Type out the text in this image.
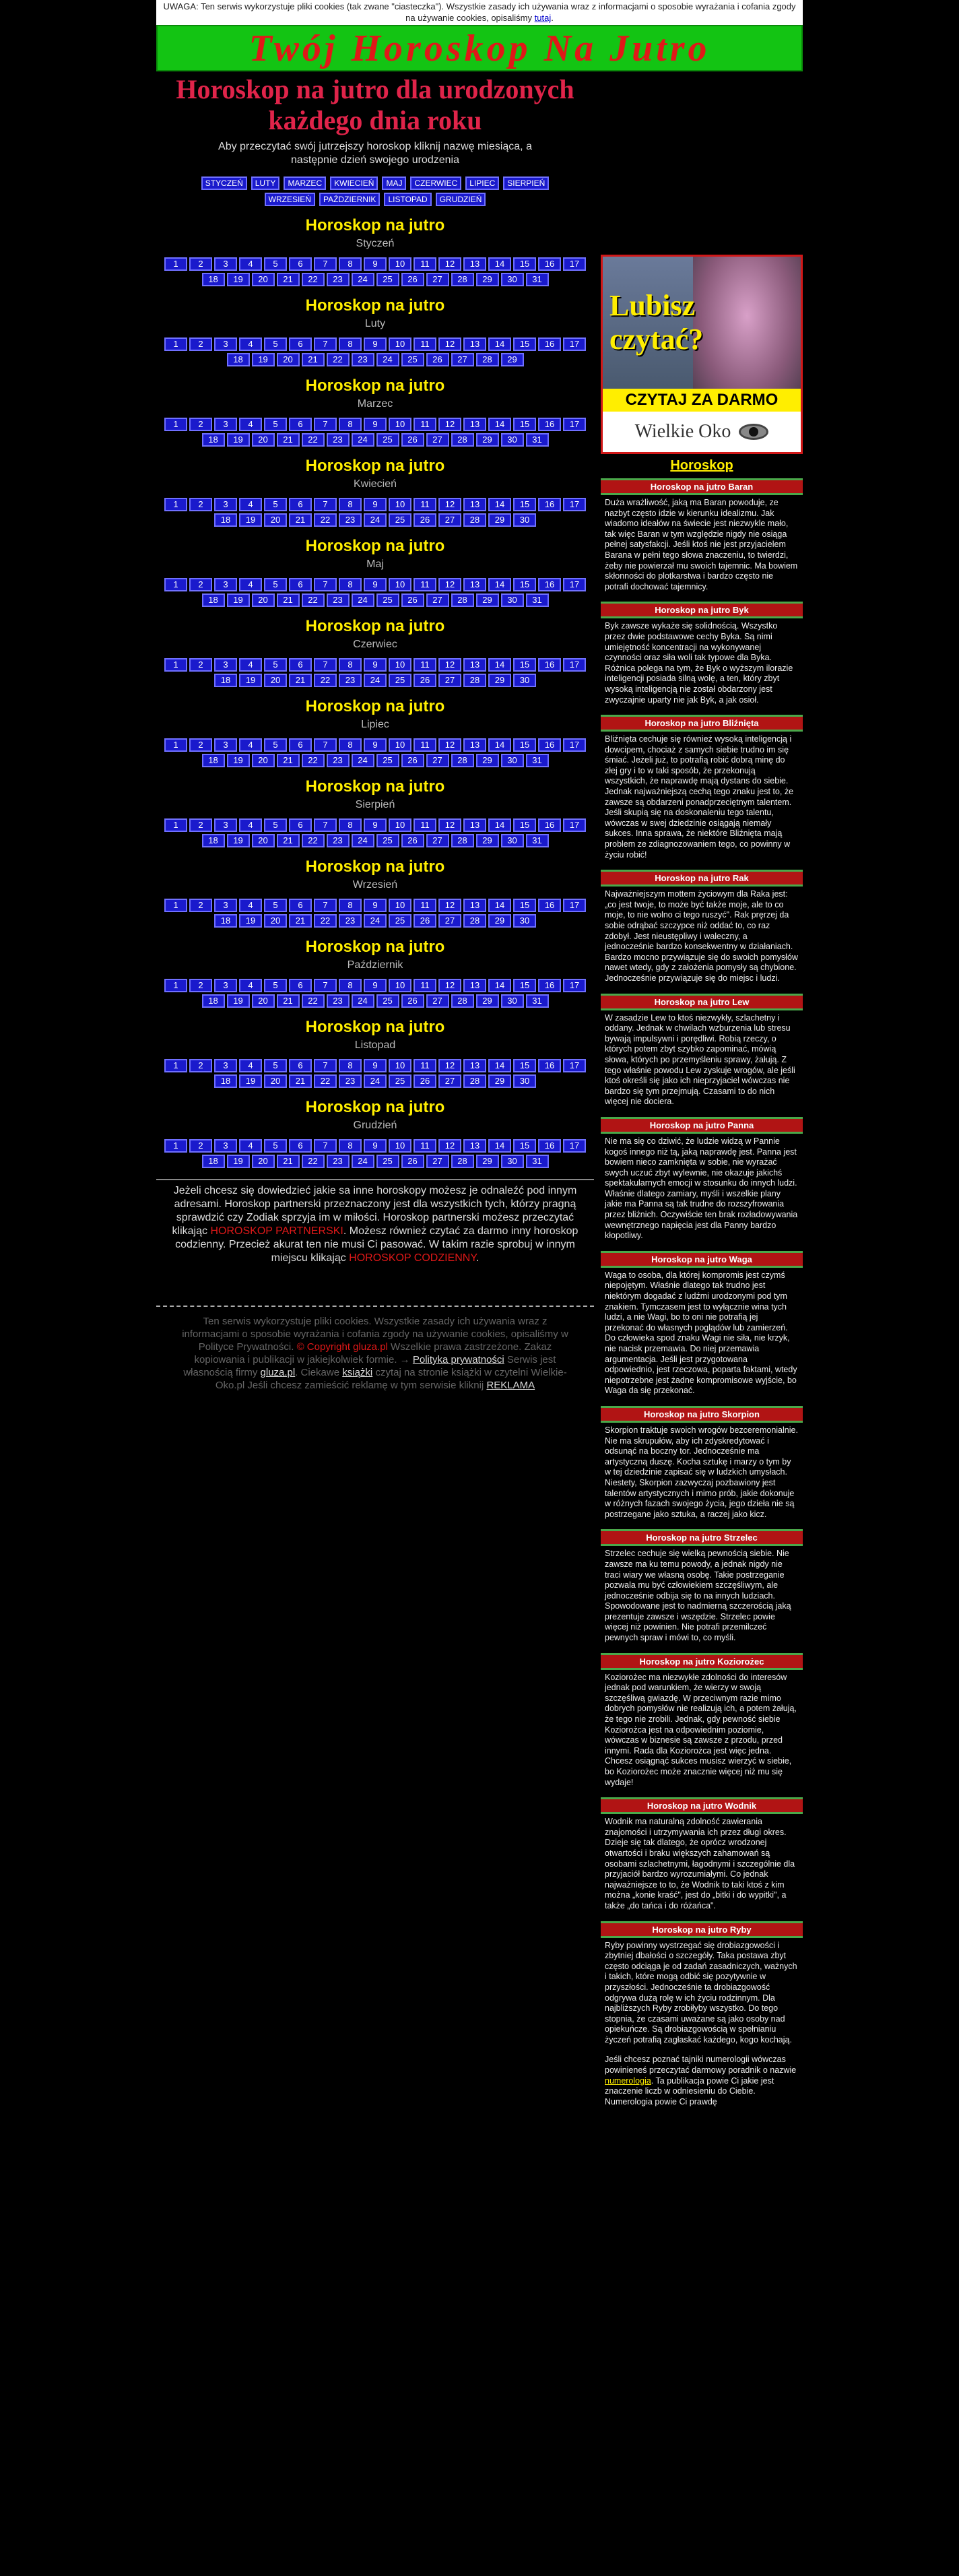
UWAGA: Ten serwis wykorzystuje pliki cookies (tak zwane "ciasteczka"). Wszystkie zasady ich używania wraz z informacjami o sposobie wyrażania i cofania zgody na używanie cookies, opisaliśmy tutaj.
Twój Horoskop Na Jutro
Horoskop na jutro dla urodzonych każdego dnia roku
Aby przeczytać swój jutrzejszy horoskop kliknij nazwę miesiąca, a następnie dzień swojego urodzenia
STYCZEŃ	LUTY	MARZEC	KWIECIEŃ	MAJ	CZERWIEC	LIPIEC	SIERPIEŃ
WRZESIEŃ	PAŹDZIERNIK	LISTOPAD	GRUDZIEŃ
Horoskop na jutro
Styczeń
1	2	3	4	5	6	7	8	9	10	11	12	13	14	15	16	17
18	19	20	21	22	23	24	25	26	27	28	29	30	31
Horoskop na jutro
Luty
1	2	3	4	5	6	7	8	9	10	11	12	13	14	15	16	17
18	19	20	21	22	23	24	25	26	27	28	29
Horoskop na jutro
Marzec
1	2	3	4	5	6	7	8	9	10	11	12	13	14	15	16	17
18	19	20	21	22	23	24	25	26	27	28	29	30	31
Horoskop na jutro
Kwiecień
1	2	3	4	5	6	7	8	9	10	11	12	13	14	15	16	17
18	19	20	21	22	23	24	25	26	27	28	29	30
Horoskop na jutro
Maj
1	2	3	4	5	6	7	8	9	10	11	12	13	14	15	16	17
18	19	20	21	22	23	24	25	26	27	28	29	30	31
Horoskop na jutro
Czerwiec
1	2	3	4	5	6	7	8	9	10	11	12	13	14	15	16	17
18	19	20	21	22	23	24	25	26	27	28	29	30
Horoskop na jutro
Lipiec
1	2	3	4	5	6	7	8	9	10	11	12	13	14	15	16	17
18	19	20	21	22	23	24	25	26	27	28	29	30	31
Horoskop na jutro
Sierpień
1	2	3	4	5	6	7	8	9	10	11	12	13	14	15	16	17
18	19	20	21	22	23	24	25	26	27	28	29	30	31
Horoskop na jutro
Wrzesień
1	2	3	4	5	6	7	8	9	10	11	12	13	14	15	16	17
18	19	20	21	22	23	24	25	26	27	28	29	30
Horoskop na jutro
Październik
1	2	3	4	5	6	7	8	9	10	11	12	13	14	15	16	17
18	19	20	21	22	23	24	25	26	27	28	29	30	31
Horoskop na jutro
Listopad
1	2	3	4	5	6	7	8	9	10	11	12	13	14	15	16	17
18	19	20	21	22	23	24	25	26	27	28	29	30
Horoskop na jutro
Grudzień
1	2	3	4	5	6	7	8	9	10	11	12	13	14	15	16	17
18	19	20	21	22	23	24	25	26	27	28	29	30	31
Jeżeli chcesz się dowiedzieć jakie sa inne horoskopy możesz je odnaleźć pod innym adresami. Horoskop partnerski przeznaczony jest dla wszystkich tych, którzy pragną sprawdzić czy Zodiak sprzyja im w miłości. Horoskop partnerski możesz przeczytać klikając HOROSKOP PARTNERSKI. Możesz również czytać za darmo inny horoskop codzienny. Przecież akurat ten nie musi Ci pasować. W takim razie sprobuj w innym miejscu klikając HOROSKOP CODZIENNY.
Ten serwis wykorzystuje pliki cookies. Wszystkie zasady ich używania wraz z informacjami o sposobie wyrażania i cofania zgody na używanie cookies, opisaliśmy w Polityce Prywatności. © Copyright gluza.pl Wszelkie prawa zastrzeżone. Zakaz kopiowania i publikacji w jakiejkolwiek formie. → Polityka prywatności Serwis jest własnością firmy gluza.pl. Ciekawe książki czytaj na stronie książki w czytelni Wielkie-Oko.pl Jeśli chcesz zamieścić reklamę w tym serwisie kliknij REKLAMA
Lubisz
czytać?
CZYTAJ ZA DARMO
Wielkie Oko
Horoskop
Horoskop na jutro Baran

Duża wrażliwość, jaką ma Baran powoduje, ze nazbyt często idzie w kierunku idealizmu. Jak wiadomo ideałów na świecie jest niezwykle mało, tak więc Baran w tym względzie nigdy nie osiąga pełnej satysfakcji. Jeśli ktoś nie jest przyjacielem Barana w pełni tego słowa znaczeniu, to twierdzi, żeby nie powierzał mu swoich tajemnic. Ma bowiem skłonności do plotkarstwa i bardzo często nie potrafi dochować tajemnicy.

Horoskop na jutro Byk

Byk zawsze wykaże się solidnością. Wszystko przez dwie podstawowe cechy Byka. Są nimi umiejętność koncentracji na wykonywanej czynności oraz siła woli tak typowe dla Byka. Różnica polega na tym, że Byk o wyższym ilorazie inteligencji posiada silną wolę, a ten, który zbyt wysoką inteligencją nie został obdarzony jest zwyczajnie uparty nie jak Byk, a jak osioł.

Horoskop na jutro Bliźnięta

Bliźnięta cechuje się również wysoką inteligencją i dowcipem, chociaż z samych siebie trudno im się śmiać. Jeżeli już, to potrafią robić dobrą minę do złej gry i to w taki sposób, że przekonują wszystkich, że naprawdę mają dystans do siebie. Jednak najważniejszą cechą tego znaku jest to, że zawsze są obdarzeni ponadprzeciętnym talentem. Jeśli skupią się na doskonaleniu tego talentu, wówczas w swej dziedzinie osiągają niemały sukces. Inna sprawa, że niektóre Bliźnięta mają problem ze zdiagnozowaniem tego, co powinny w życiu robić!

Horoskop na jutro Rak

Najważniejszym mottem życiowym dla Raka jest: „co jest twoje, to może być także moje, ale to co moje, to nie wolno ci tego ruszyć". Rak pręrzej da sobie odrąbać szczypce niż oddać to, co raz zdobył. Jest nieustępliwy i waleczny, a jednocześnie bardzo konsekwentny w działaniach. Bardzo mocno przywiązuje się do swoich pomysłów nawet wtedy, gdy z założenia pomysły są chybione. Jednocześnie przywiązuje się do miejsc i ludzi.

Horoskop na jutro Lew

W zasadzie Lew to ktoś niezwykły, szlachetny i oddany. Jednak w chwilach wzburzenia lub stresu bywają impulsywni i porędliwi. Robią rzeczy, o których potem zbyt szybko zapominać, mówią słowa, których po przemyśleniu sprawy, żałują. Z tego właśnie powodu Lew zyskuje wrogów, ale jeśli ktoś określi się jako ich nieprzyjaciel wówczas nie bardzo się tym przejmują. Czasami to do nich więcej nie dociera.

Horoskop na jutro Panna

Nie ma się co dziwić, że ludzie widzą w Pannie kogoś innego niż tą, jaką naprawdę jest. Panna jest bowiem nieco zamknięta w sobie, nie wyrażać swych uczuć zbyt wylewnie, nie okazuje jakichś spektakularnych emocji w stosunku do innych ludzi. Właśnie dlatego zamiary, myśli i wszelkie plany jakie ma Panna są tak trudne do rozszyfrowania przez bliźnich. Oczywiście ten brak rozładowywania wewnętrznego napięcia jest dla Panny bardzo kłopotliwy.

Horoskop na jutro Waga

Waga to osoba, dla której kompromis jest czymś niepojętym. Właśnie dlatego tak trudno jest niektórym dogadać z ludźmi urodzonymi pod tym znakiem. Tymczasem jest to wyłącznie wina tych ludzi, a nie Wagi, bo to oni nie potrafią jej przekonać do własnych poglądów lub zamierzeń. Do człowieka spod znaku Wagi nie siła, nie krzyk, nie nacisk przemawia. Do niej przemawia argumentacja. Jeśli jest przygotowana odpowiednio, jest rzeczowa, poparta faktami, wtedy niepotrzebne jest żadne kompromisowe wyjście, bo Waga da się przekonać.

Horoskop na jutro Skorpion

Skorpion traktuje swoich wrogów bezceremonialnie. Nie ma skrupułów, aby ich zdyskredytować i odsunąć na boczny tor. Jednocześnie ma artystyczną duszę. Kocha sztukę i marzy o tym by w tej dziedzinie zapisać się w ludzkich umysłach. Niestety, Skorpion zazwyczaj pozbawiony jest talentów artystycznych i mimo prób, jakie dokonuje w różnych fazach swojego życia, jego dzieła nie są postrzegane jako sztuka, a raczej jako kicz.

Horoskop na jutro Strzelec

Strzelec cechuje się wielką pewnością siebie. Nie zawsze ma ku temu powody, a jednak nigdy nie traci wiary we własną osobę. Takie postrzeganie pozwala mu być człowiekiem szczęśliwym, ale jednocześnie odbija się to na innych ludziach. Spowodowane jest to nadmierną szczerością jaką prezentuje zawsze i wszędzie. Strzelec powie więcej niż powinien. Nie potrafi przemilczeć pewnych spraw i mówi to, co myśli.

Horoskop na jutro Koziorożec

Koziorożec ma niezwykłe zdolności do interesów jednak pod warunkiem, że wierzy w swoją szczęśliwą gwiazdę. W przeciwnym razie mimo dobrych pomysłów nie realizują ich, a potem żałują, że tego nie zrobili. Jednak, gdy pewność siebie Koziorożca jest na odpowiednim poziomie, wówczas w biznesie są zawsze z przodu, przed innymi. Rada dla Koziorożca jest więc jedna. Chcesz osiągnąć sukces musisz wierzyć w siebie, bo Koziorożec może znacznie więcej niż mu się wydaje!

Horoskop na jutro Wodnik

Wodnik ma naturalną zdolność zawierania znajomości i utrzymywania ich przez długi okres. Dzieje się tak dlatego, że oprócz wrodzonej otwartości i braku większych zahamowań są osobami szlachetnymi, łagodnymi i szczególnie dla przyjaciół bardzo wyrozumiałymi. Co jednak najważniejsze to to, że Wodnik to taki ktoś z kim można „konie kraść", jest do „bitki i do wypitki", a także „do tańca i do różańca".

Horoskop na jutro Ryby

Ryby powinny wystrzegać się drobiazgowości i zbytniej dbałości o szczegóły. Taka postawa zbyt często odciąga je od zadań zasadniczych, ważnych i takich, które mogą odbić się pozytywnie w przyszłości. Jednocześnie ta drobiazgowość odgrywa dużą rolę w ich życiu rodzinnym. Dla najbliższych Ryby zrobiłyby wszystko. Do tego stopnia, że czasami uważane są jako osoby nad opiekuńcze. Są drobiazgowością w spełnianiu życzeń potrafią zagłaskać każdego, kogo kochają.

Jeśli chcesz poznać tajniki numerologii wówczas powinieneś przeczytać darmowy poradnik o nazwie numerologia. Ta publikacja powie Ci jakie jest znaczenie liczb w odniesieniu do Ciebie. Numerologia powie Ci prawdę
